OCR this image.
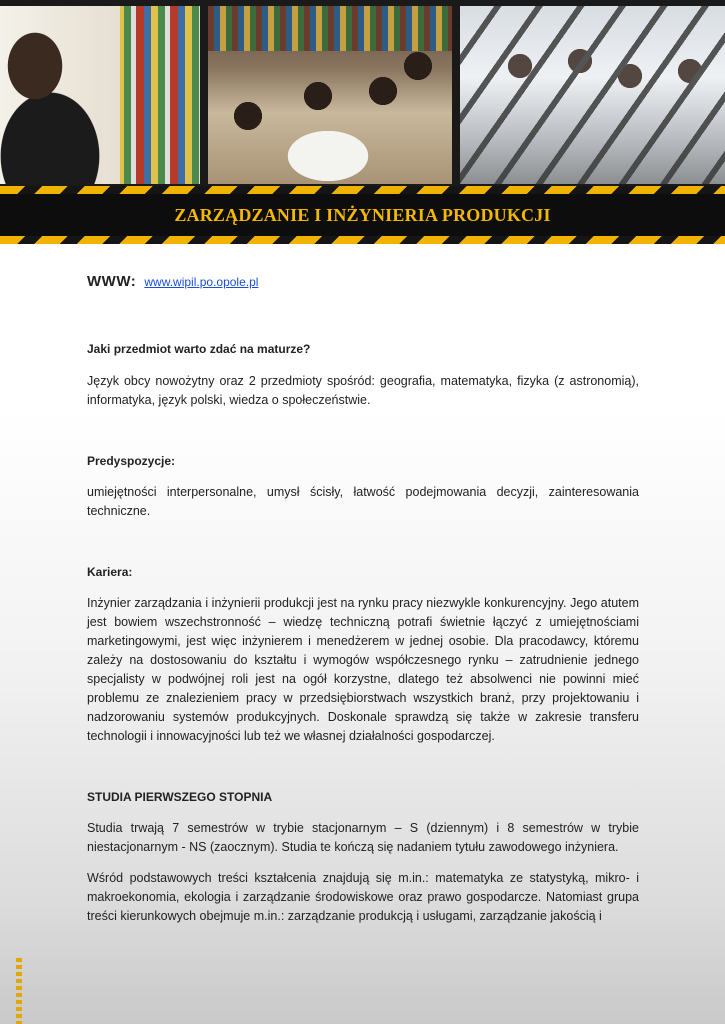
ZARZĄDZANIE I INŻYNIERIA PRODUKCJI

WWW: www.wipil.po.opole.pl

Jaki przedmiot warto zdać na maturze?

Język obcy nowożytny oraz 2 przedmioty spośród: geografia, matematyka, fizyka (z astronomią), informatyka, język polski, wiedza o społeczeństwie.

Predyspozycje:

umiejętności interpersonalne, umysł ścisły, łatwość podejmowania decyzji, zainteresowania techniczne.

Kariera:

Inżynier zarządzania i inżynierii produkcji jest na rynku pracy niezwykle konkurencyjny. Jego atutem jest bowiem wszechstronność – wiedzę techniczną potrafi świetnie łączyć z umiejętnościami marketingowymi, jest więc inżynierem i menedżerem w jednej osobie. Dla pracodawcy, któremu zależy na dostosowaniu do kształtu i wymogów współczesnego rynku – zatrudnienie jednego specjalisty w podwójnej roli jest na ogół korzystne, dlatego też absolwenci nie powinni mieć problemu ze znalezieniem pracy w przedsiębiorstwach wszystkich branż, przy projektowaniu i nadzorowaniu systemów produkcyjnych. Doskonale sprawdzą się także w zakresie transferu technologii i innowacyjności lub też we własnej działalności gospodarczej.

STUDIA PIERWSZEGO STOPNIA

Studia trwają 7 semestrów w trybie stacjonarnym – S (dziennym) i 8 semestrów w trybie niestacjonarnym - NS (zaocznym). Studia te kończą się nadaniem tytułu zawodowego inżyniera.

Wśród podstawowych treści kształcenia znajdują się m.in.: matematyka ze statystyką, mikro- i makroekonomia, ekologia i zarządzanie środowiskowe oraz prawo gospodarcze. Natomiast grupa treści kierunkowych obejmuje m.in.: zarządzanie produkcją i usługami, zarządzanie jakością i
